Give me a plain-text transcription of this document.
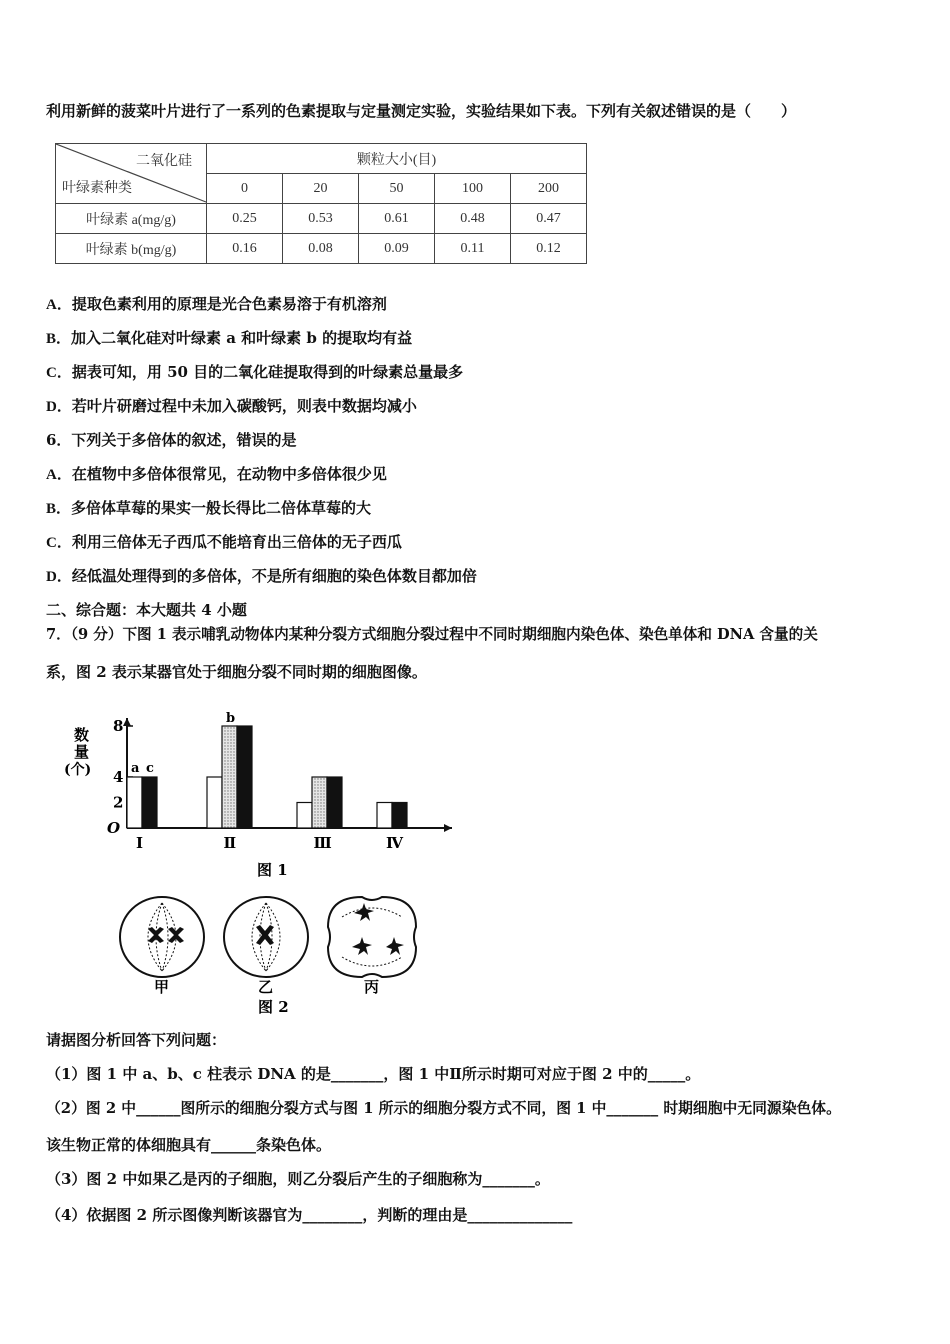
利用新鲜的菠菜叶片进行了一系列的色素提取与定量测定实验，实验结果如下表。下列有关叙述错误的是（　　）
二氧化硅
叶绿素种类	颗粒大小(目)				
	0	20	50	100	200
叶绿素 a(mg/g)	0.25	0.53	0.61	0.48	0.47
叶绿素 b(mg/g)	0.16	0.08	0.09	0.11	0.12
A．提取色素利用的原理是光合色素易溶于有机溶剂
B．加入二氧化硅对叶绿素 a 和叶绿素 b 的提取均有益
C．据表可知，用 50 目的二氧化硅提取得到的叶绿素总量最多
D．若叶片研磨过程中未加入碳酸钙，则表中数据均减小
6．下列关于多倍体的叙述，错误的是
A．在植物中多倍体很常见，在动物中多倍体很少见
B．多倍体草莓的果实一般长得比二倍体草莓的大
C．利用三倍体无子西瓜不能培育出三倍体的无子西瓜
D．经低温处理得到的多倍体，不是所有细胞的染色体数目都加倍
二、综合题：本大题共 4 小题
7．（9 分）下图 1 表示哺乳动物体内某种分裂方式细胞分裂过程中不同时期细胞内染色体、染色单体和 DNA 含量的关
系，图 2 表示某器官处于细胞分裂不同时期的细胞图像。
数
量
(个)
O
2
4
8
Ⅰ	Ⅱ	Ⅲ	Ⅳ
a c
b
图 1
甲	乙	丙
图 2
请据图分析回答下列问题：
（1）图 1 中 a、b、c 柱表示 DNA 的是_______，图 1 中Ⅱ所示时期可对应于图 2 中的_____。
（2）图 2 中______图所示的细胞分裂方式与图 1 所示的细胞分裂方式不同，图 1 中_______ 时期细胞中无同源染色体。
该生物正常的体细胞具有______条染色体。
（3）图 2 中如果乙是丙的子细胞，则乙分裂后产生的子细胞称为_______。
（4）依据图 2 所示图像判断该器官为________，判断的理由是______________
